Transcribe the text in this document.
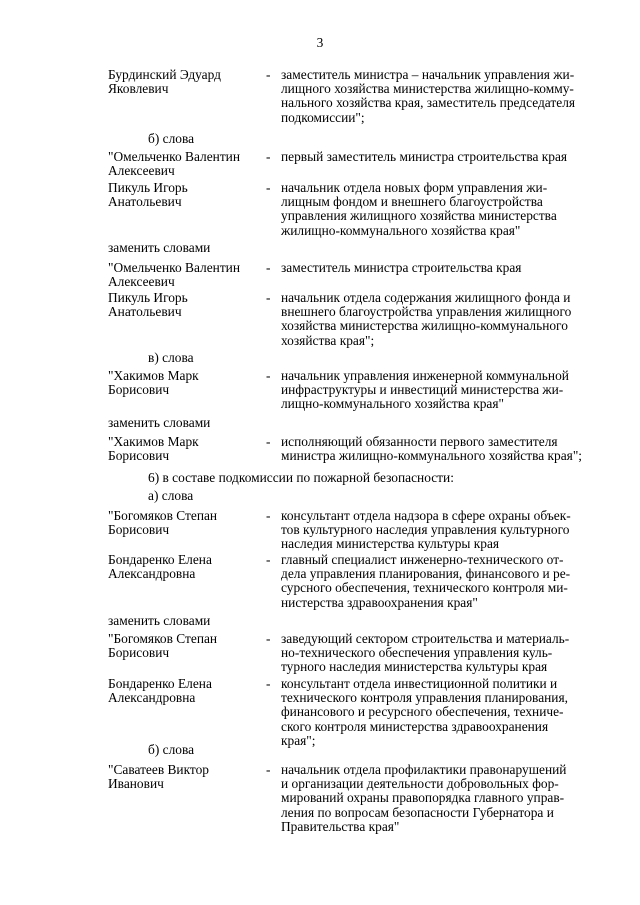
3
Бурдинский Эдуард
Яковлевич
- заместитель министра – начальник управления жи-
лищного хозяйства министерства жилищно-комму-
нального хозяйства края, заместитель председателя
подкомиссии";
б) слова
"Омельченко Валентин
Алексеевич
- первый заместитель министра строительства края
Пикуль Игорь
Анатольевич
- начальник отдела новых форм управления жи-
лищным фондом и внешнего благоустройства
управления жилищного хозяйства министерства
жилищно-коммунального хозяйства края"
заменить словами
"Омельченко Валентин
Алексеевич
- заместитель министра строительства края
Пикуль Игорь
Анатольевич
- начальник отдела содержания жилищного фонда и
внешнего благоустройства управления жилищного
хозяйства министерства жилищно-коммунального
хозяйства края";
в) слова
"Хакимов Марк
Борисович
- начальник управления инженерной коммунальной
инфраструктуры и инвестиций министерства жи-
лищно-коммунального хозяйства края"
заменить словами
"Хакимов Марк
Борисович
- исполняющий обязанности первого заместителя
министра жилищно-коммунального хозяйства края";
6) в составе подкомиссии по пожарной безопасности:
а) слова
"Богомяков Степан
Борисович
- консультант отдела надзора в сфере охраны объек-
тов культурного наследия управления культурного
наследия министерства культуры края
Бондаренко Елена
Александровна
- главный специалист инженерно-технического от-
дела управления планирования, финансового и ре-
сурсного обеспечения, технического контроля ми-
нистерства здравоохранения края"
заменить словами
"Богомяков Степан
Борисович
- заведующий сектором строительства и материаль-
но-технического обеспечения управления куль-
турного наследия министерства культуры края
Бондаренко Елена
Александровна
- консультант отдела инвестиционной политики и
технического контроля управления планирования,
финансового и ресурсного обеспечения, техниче-
ского контроля министерства здравоохранения
края";
б) слова
"Саватеев Виктор
Иванович
- начальник отдела профилактики правонарушений
и организации деятельности добровольных фор-
мирований охраны правопорядка главного управ-
ления по вопросам безопасности Губернатора и
Правительства края"
